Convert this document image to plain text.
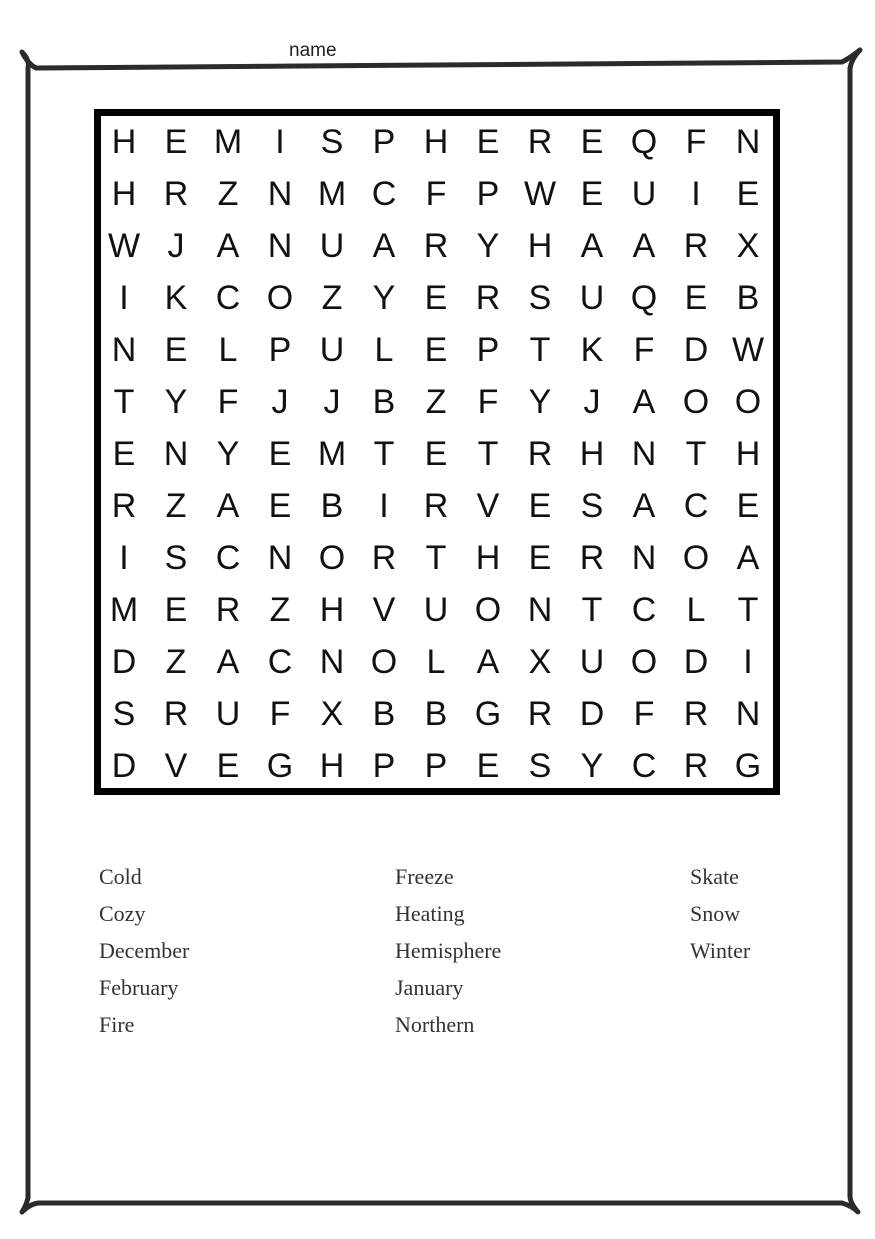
name
H E M I	S P H E R E Q F N
H R Z N M C F P W E U	I	E
W J A N U A R Y H A A R X
I	K C O Z Y E R S U Q E B
N E L P U L E P T K F D W
T Y F J	J B Z F Y J A O O
E N Y E M T E T R H N T H
R Z A E B	I	R V E S A C E
I	S C N O R T H E R N O A
M E R Z H V U O N T C L T
D Z A C N O L A X U O D	I
S R U F X B B G R D F R N
D V E G H P P E S Y C R G
Cold
Cozy
December
February
Fire
Freeze
Heating
Hemisphere
January
Northern
Skate
Snow
Winter
